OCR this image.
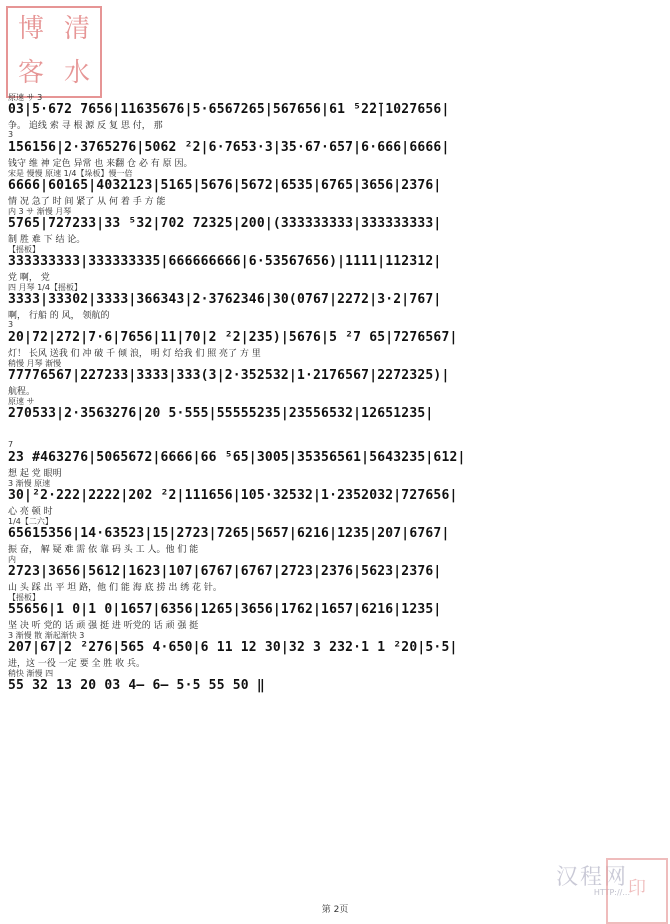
博 清
客 水
原速 サ 3
03|5·672 7656|11635676|5·6567265|567656|61 ⁵2̄2̄|1027656|
争。 追线 索 寻 根 源 反 复 思 付， 那
3
156156|2·3765276|5062 ²2|6·7653·3|35·67·657|6·666|6666|
钱守 维 神 定色 异常 也 来翻 仓 必 有 原 因。
宋是 慢慢 原速 1/4【垛板】慢一倍
6666|60165|4032123|5165|5676|5672|6535|6765|3656|2376|
情 况 急了 时 间 紧了 从 何 着 手 方 能
内 3 サ 渐慢 月琴
5765|727233|33 ⁵32|702 72325|200|(333333333|333333333|
制 胜 难 下 结 论。
【摇板】
333333333|333333335|666666666|6·53567656)|1111|112312|
党 啊， 党
四 月琴 1/4【摇板】
3333|33302|3333|366343|2·3762346|30(0767|2272|3·2|767|
啊， 行船 的 风， 领航的
3
20|72|272|7·6|7656|11|70|2 ²2|235)|5676|5 ²7 65|7276567|
灯！ 长风 送我 们 冲 破 千 倾 浪， 明 灯 给我 们 照 亮了 方 里
稍慢 月琴 渐慢
77776567|227233|3333|333(3|2·352532|1·2176567|2272325)|
航程。
原速 サ
270533|2·3563276|20 5·555|55555235|23556532|12651235|
7
23 #463276|5065672|6666|66 ⁵65|3005|35356561|5643235|612|
想 起 党 眼明
3 渐慢 原速
30|²2·222|2222|202 ²2|111656|105·32532|1·2352032|727656|
心 亮 顿 时
1/4【二六】
65615356|14·63523|15|2723|7265|5657|6216|1235|207|6767|
振 奋， 解 疑 难 需 依 靠 码 头 工 人。他 们 能
内
2723|3656|5612|1623|107|6767|6767|2723|2376|5623|2376|
山 头 踩 出 平 坦 路，他 们 能 海 底 捞 出 绣 花 针。
【摇板】
55656|1 0|1 0|1657|6356|1265|3656|1762|1657|6216|1235|
坚 决 听 党的 话 顽 强 挺 进 听党的 话 顽 强 挺
3 渐慢 散 渐起渐快 3
207|67|2 ²276|565 4·650|6 11 12 30|32 3 232·1 1 ²20|5·5|
进，这 一役 一定 要 全 胜 收 兵。
稍快 渐慢 四
55 32 13 20 03 4— 6— 5·5 55 50 ‖
汉程网
HTTP://...
印
第 2页
